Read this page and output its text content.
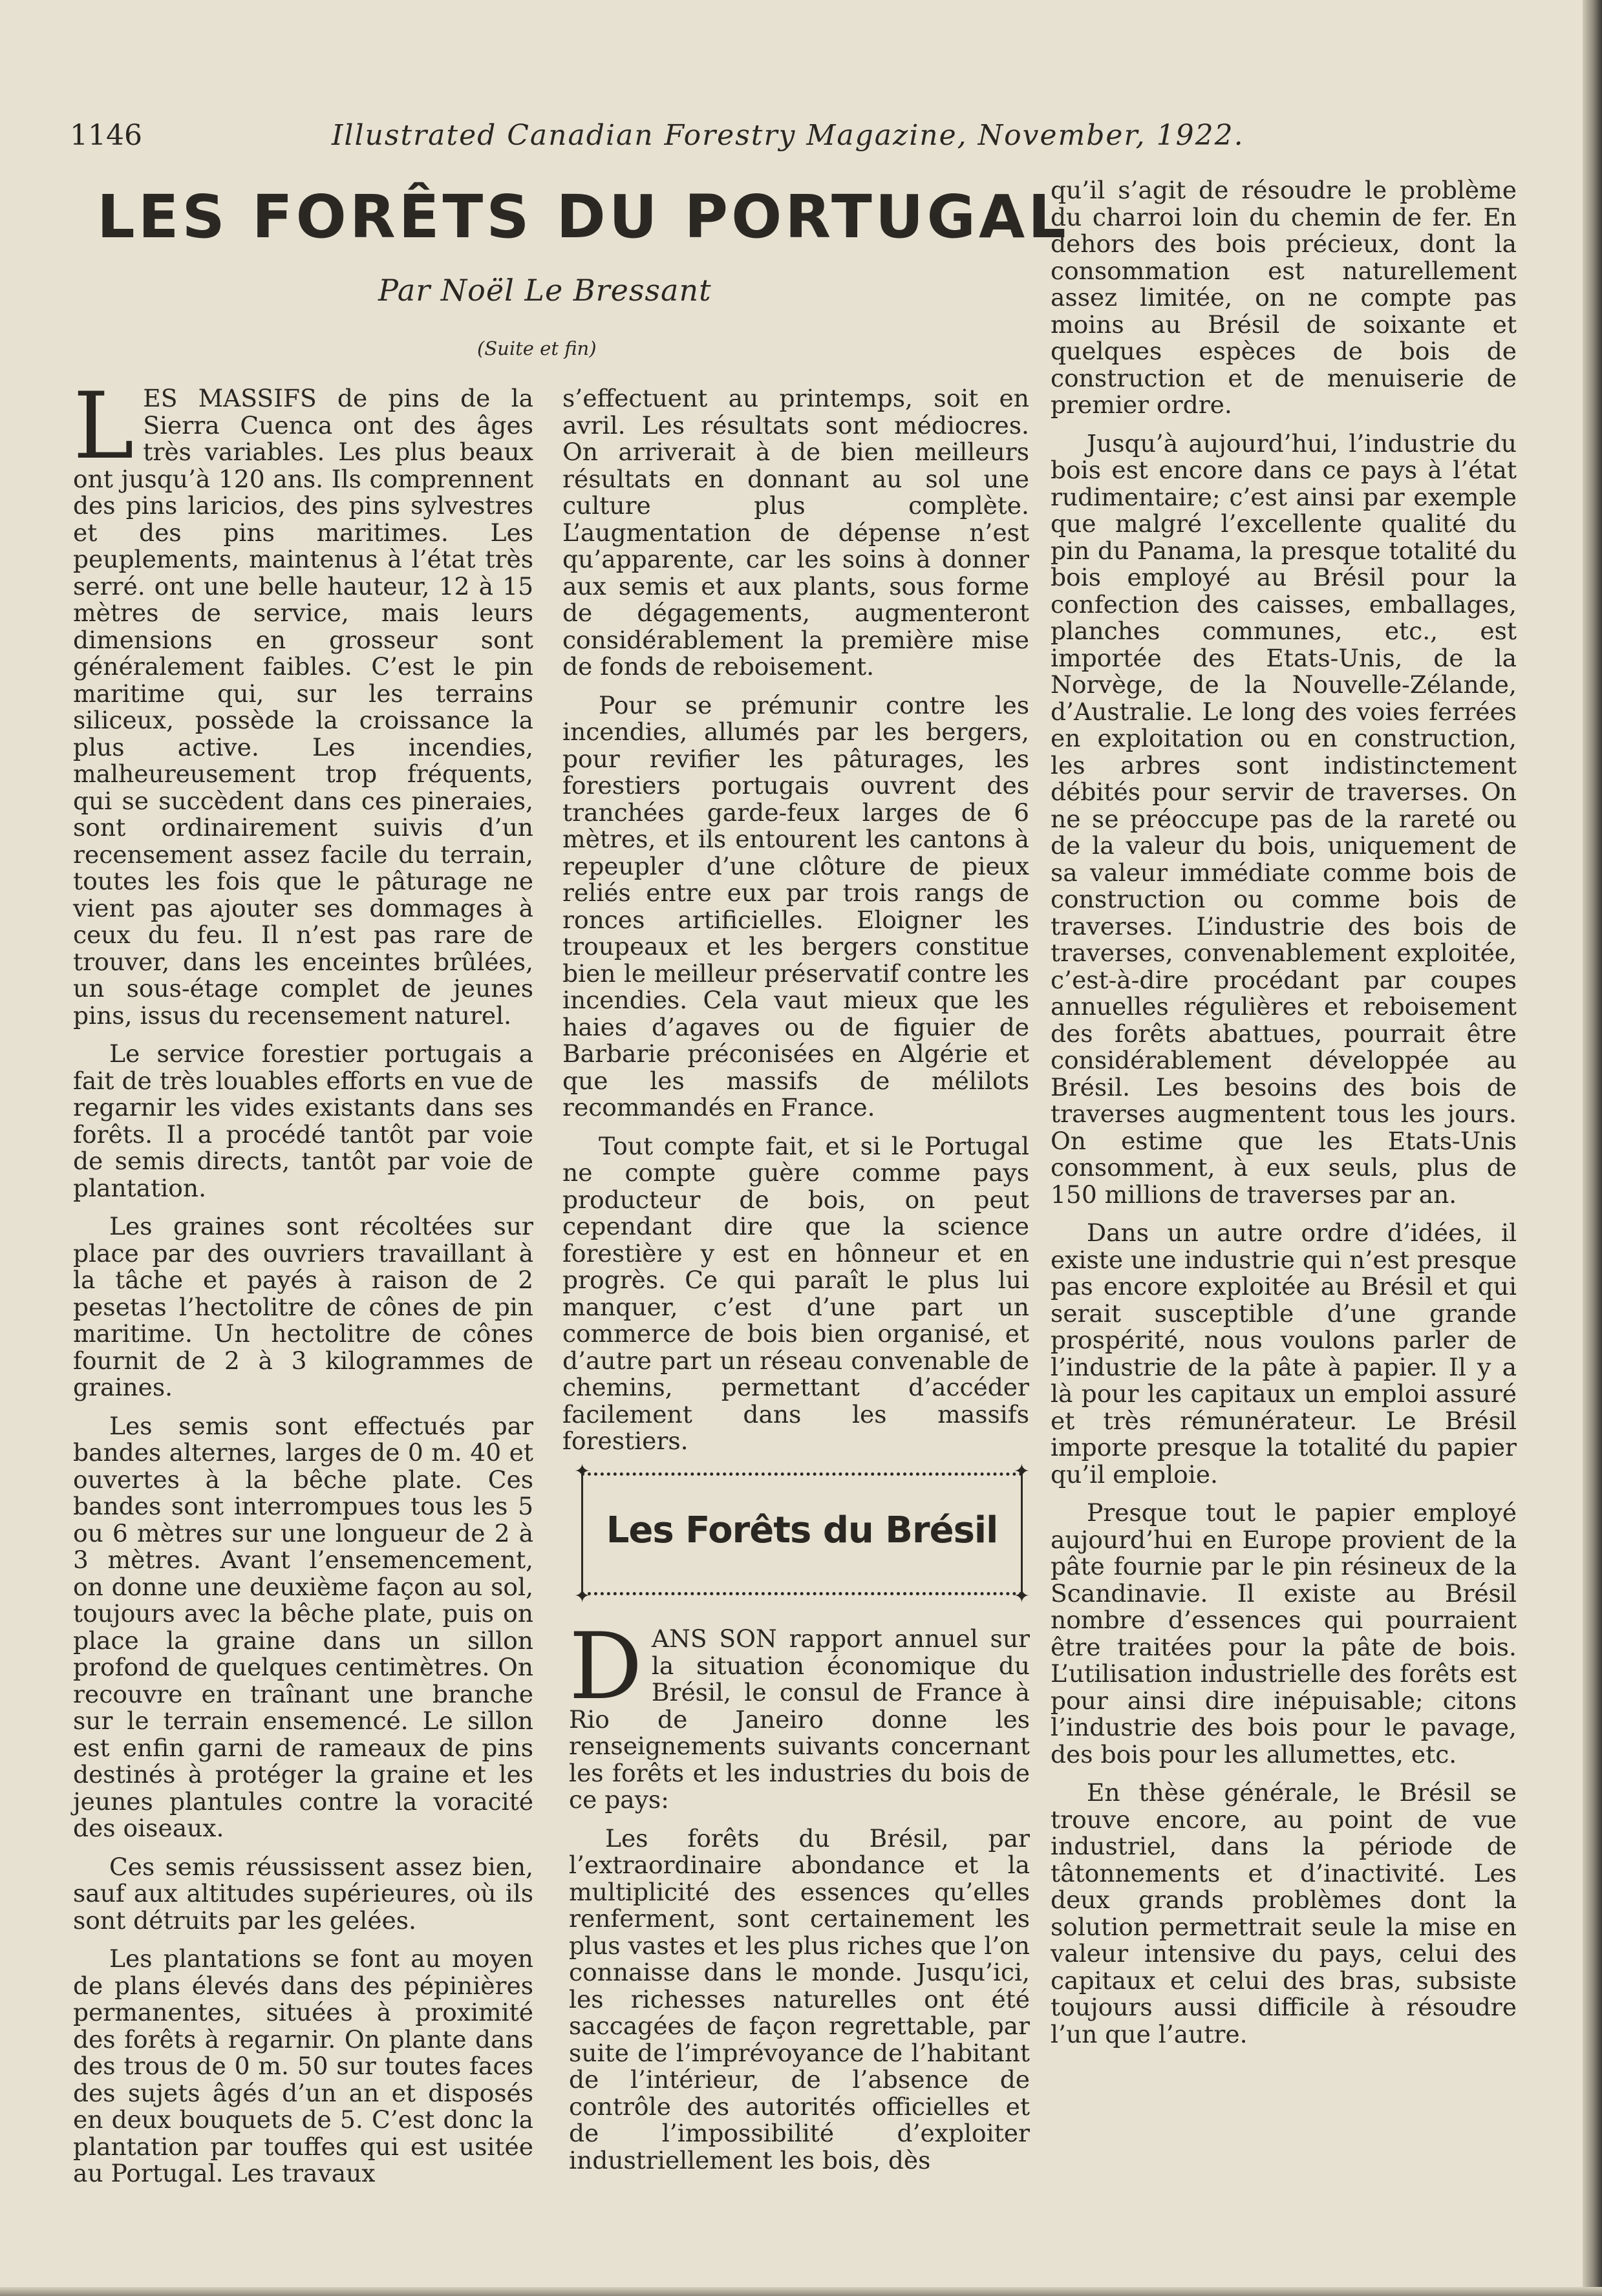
1146	Illustrated Canadian Forestry Magazine, November, 1922.
LES FORÊTS DU PORTUGAL
Par Noël Le Bressant
(Suite et fin)

LES MASSIFS de pins de la Sierra Cuenca ont des âges très variables. Les plus beaux ont jusqu’à 120 ans. Ils comprennent des pins laricios, des pins sylvestres et des pins maritimes. Les peuplements, maintenus à l’état très serré. ont une belle hauteur, 12 à 15 mètres de service, mais leurs dimensions en grosseur sont généralement faibles. C’est le pin maritime qui, sur les terrains siliceux, possède la croissance la plus active. Les incendies, malheureusement trop fréquents, qui se succèdent dans ces pineraies, sont ordinairement suivis d’un recensement assez facile du terrain, toutes les fois que le pâturage ne vient pas ajouter ses dommages à ceux du feu. Il n’est pas rare de trouver, dans les enceintes brûlées, un sous-étage complet de jeunes pins, issus du recensement naturel.

Le service forestier portugais a fait de très louables efforts en vue de regarnir les vides existants dans ses forêts. Il a procédé tantôt par voie de semis directs, tantôt par voie de plantation.

Les graines sont récoltées sur place par des ouvriers travaillant à la tâche et payés à raison de 2 pesetas l’hectolitre de cônes de pin maritime. Un hectolitre de cônes fournit de 2 à 3 kilogrammes de graines.

Les semis sont effectués par bandes alternes, larges de 0 m. 40 et ouvertes à la bêche plate. Ces bandes sont interrompues tous les 5 ou 6 mètres sur une longueur de 2 à 3 mètres. Avant l’ensemencement, on donne une deuxième façon au sol, toujours avec la bêche plate, puis on place la graine dans un sillon profond de quelques centimètres. On recouvre en traînant une branche sur le terrain ensemencé. Le sillon est enfin garni de rameaux de pins destinés à protéger la graine et les jeunes plantules contre la voracité des oiseaux.

Ces semis réussissent assez bien, sauf aux altitudes supérieures, où ils sont détruits par les gelées.

Les plantations se font au moyen de plans élevés dans des pépinières permanentes, situées à proximité des forêts à regarnir. On plante dans des trous de 0 m. 50 sur toutes faces des sujets âgés d’un an et disposés en deux bouquets de 5. C’est donc la plantation par touffes qui est usitée au Portugal. Les travaux

s’effectuent au printemps, soit en avril. Les résultats sont médiocres. On arriverait à de bien meilleurs résultats en donnant au sol une culture plus complète. L’augmentation de dépense n’est qu’apparente, car les soins à donner aux semis et aux plants, sous forme de dégagements, augmenteront considérablement la première mise de fonds de reboisement.

Pour se prémunir contre les incendies, allumés par les bergers, pour revifier les pâturages, les forestiers portugais ouvrent des tranchées garde-feux larges de 6 mètres, et ils entourent les cantons à repeupler d’une clôture de pieux reliés entre eux par trois rangs de ronces artificielles. Eloigner les troupeaux et les bergers constitue bien le meilleur préservatif contre les incendies. Cela vaut mieux que les haies d’agaves ou de figuier de Barbarie préconisées en Algérie et que les massifs de mélilots recommandés en France.

Tout compte fait, et si le Portugal ne compte guère comme pays producteur de bois, on peut cependant dire que la science forestière y est en hônneur et en progrès. Ce qui paraît le plus lui manquer, c’est d’une part un commerce de bois bien organisé, et d’autre part un réseau convenable de chemins, permettant d’accéder facilement dans les massifs forestiers.

✦	✦
✦	✦
Les Forêts du Brésil

DANS SON rapport annuel sur la situation économique du Brésil, le consul de France à Rio de Janeiro donne les renseignements suivants concernant les forêts et les industries du bois de ce pays:

Les forêts du Brésil, par l’extraordinaire abondance et la multiplicité des essences qu’elles renferment, sont certainement les plus vastes et les plus riches que l’on connaisse dans le monde. Jusqu’ici, les richesses naturelles ont été saccagées de façon regrettable, par suite de l’imprévoyance de l’habitant de l’intérieur, de l’absence de contrôle des autorités officielles et de l’impossibilité d’exploiter industriellement les bois, dès

qu’il s’agit de résoudre le problème du charroi loin du chemin de fer. En dehors des bois précieux, dont la consommation est naturellement assez limitée, on ne compte pas moins au Brésil de soixante et quelques espèces de bois de construction et de menuiserie de premier ordre.

Jusqu’à aujourd’hui, l’industrie du bois est encore dans ce pays à l’état rudimentaire; c’est ainsi par exemple que malgré l’excellente qualité du pin du Panama, la presque totalité du bois employé au Brésil pour la confection des caisses, emballages, planches communes, etc., est importée des Etats-Unis, de la Norvège, de la Nouvelle-Zélande, d’Australie. Le long des voies ferrées en exploitation ou en construction, les arbres sont indistinctement débités pour servir de traverses. On ne se préoccupe pas de la rareté ou de la valeur du bois, uniquement de sa valeur immédiate comme bois de construction ou comme bois de traverses. L’industrie des bois de traverses, convenablement exploitée, c’est-à-dire procédant par coupes annuelles régulières et reboisement des forêts abattues, pourrait être considérablement développée au Brésil. Les besoins des bois de traverses augmentent tous les jours. On estime que les Etats-Unis consomment, à eux seuls, plus de 150 millions de traverses par an.

Dans un autre ordre d’idées, il existe une industrie qui n’est presque pas encore exploitée au Brésil et qui serait susceptible d’une grande prospérité, nous voulons parler de l’industrie de la pâte à papier. Il y a là pour les capitaux un emploi assuré et très rémunérateur. Le Brésil importe presque la totalité du papier qu’il emploie.

Presque tout le papier employé aujourd’hui en Europe provient de la pâte fournie par le pin résineux de la Scandinavie. Il existe au Brésil nombre d’essences qui pourraient être traitées pour la pâte de bois. L’utilisation industrielle des forêts est pour ainsi dire inépuisable; citons l’industrie des bois pour le pavage, des bois pour les allumettes, etc.

En thèse générale, le Brésil se trouve encore, au point de vue industriel, dans la période de tâtonnements et d’inactivité. Les deux grands problèmes dont la solution permettrait seule la mise en valeur intensive du pays, celui des capitaux et celui des bras, subsiste toujours aussi difficile à résoudre l’un que l’autre.
